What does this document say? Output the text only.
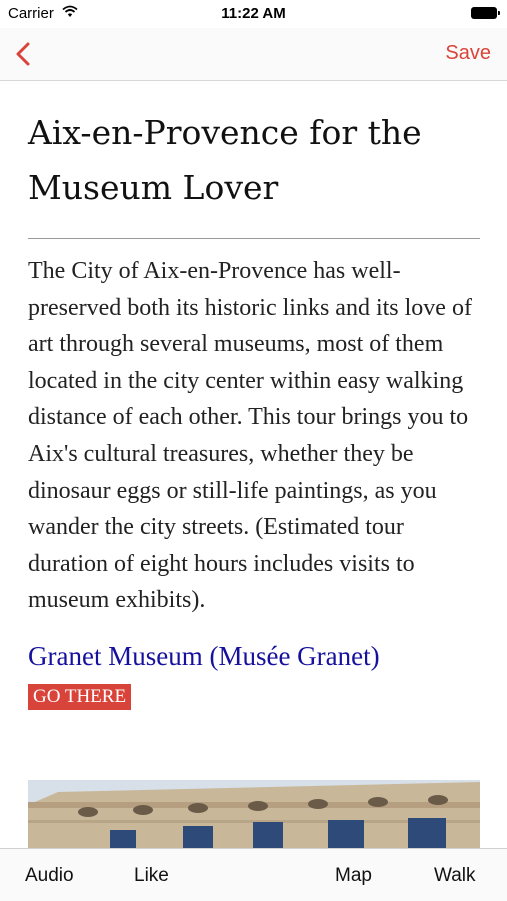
Carrier	11:22 AM
Save
Aix-en-Provence for the Museum Lover

The City of Aix-en-Provence has well-preserved both its historic links and its love of art through several museums, most of them located in the city center within easy walking distance of each other. This tour brings you to Aix's cultural treasures, whether they be dinosaur eggs or still-life paintings, as you wander the city streets. (Estimated tour duration of eight hours includes visits to museum exhibits).

Granet Museum (Musée Granet)
GO THERE
Audio	Like	Map	Walk
